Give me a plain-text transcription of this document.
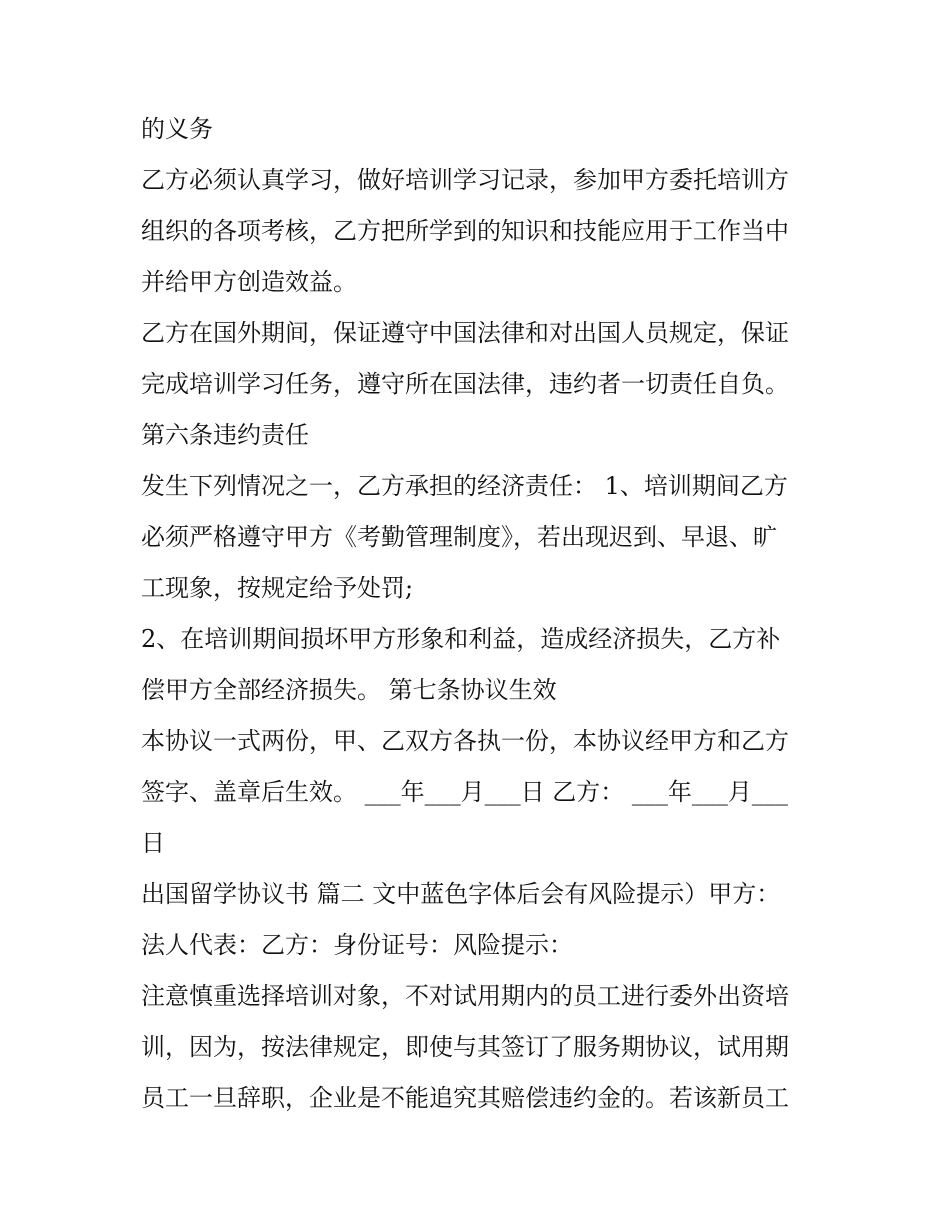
的义务
乙方必须认真学习，做好培训学习记录，参加甲方委托培训方
组织的各项考核，乙方把所学到的知识和技能应用于工作当中
并给甲方创造效益。
乙方在国外期间，保证遵守中国法律和对出国人员规定，保证
完成培训学习任务，遵守所在国法律，违约者一切责任自负。
第六条违约责任
发生下列情况之一，乙方承担的经济责任： 1、培训期间乙方
必须严格遵守甲方《考勤管理制度》，若出现迟到、早退、旷
工现象，按规定给予处罚;
2、在培训期间损坏甲方形象和利益，造成经济损失，乙方补
偿甲方全部经济损失。 第七条协议生效
本协议一式两份，甲、乙双方各执一份，本协议经甲方和乙方
签字、盖章后生效。 ___年___月___日 乙方： ___年___月___
日
出国留学协议书 篇二 文中蓝色字体后会有风险提示）甲方：
法人代表：乙方：身份证号：风险提示：
注意慎重选择培训对象，不对试用期内的员工进行委外出资培
训，因为，按法律规定，即使与其签订了服务期协议，试用期
员工一旦辞职，企业是不能追究其赔偿违约金的。若该新员工
